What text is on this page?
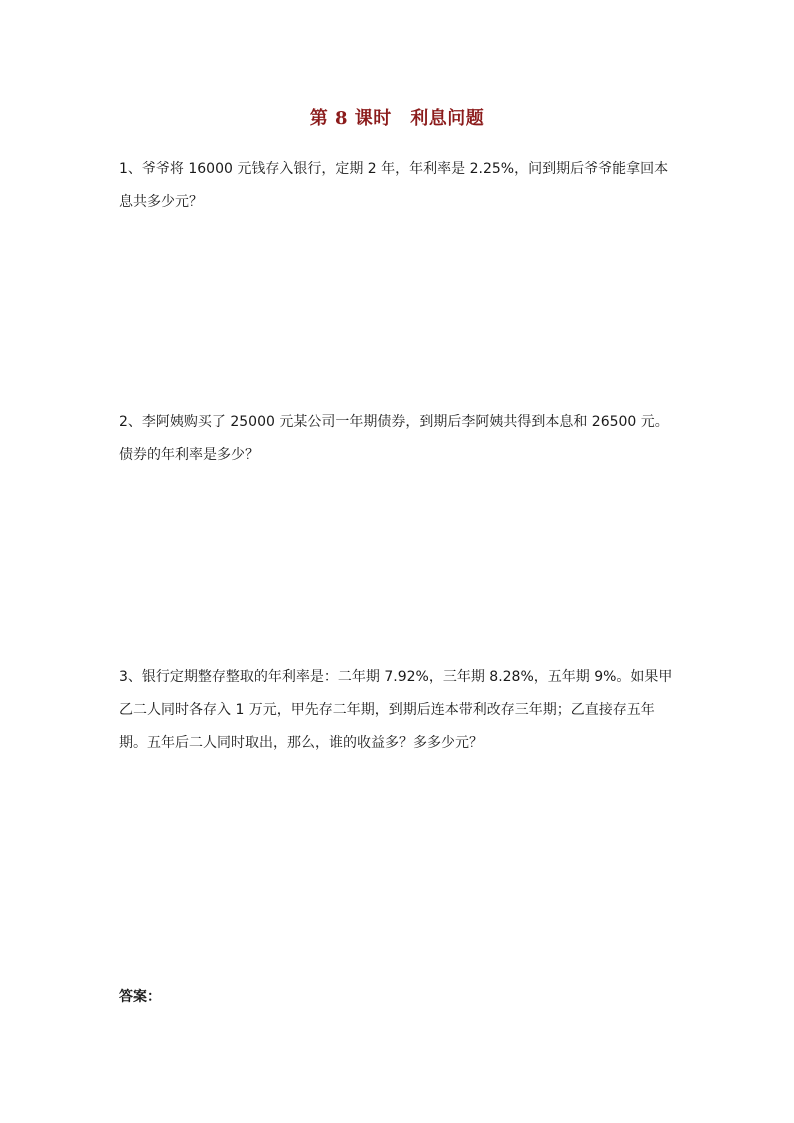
第 8 课时　利息问题
1、爷爷将 16000 元钱存入银行，定期 2 年，年利率是 2.25%，问到期后爷爷能拿回本息共多少元？
2、李阿姨购买了 25000 元某公司一年期债券，到期后李阿姨共得到本息和 26500 元。债券的年利率是多少？
3、银行定期整存整取的年利率是：二年期 7.92%，三年期 8.28%，五年期 9%。如果甲乙二人同时各存入 1 万元，甲先存二年期，到期后连本带利改存三年期；乙直接存五年期。五年后二人同时取出，那么，谁的收益多？多多少元？
答案：
